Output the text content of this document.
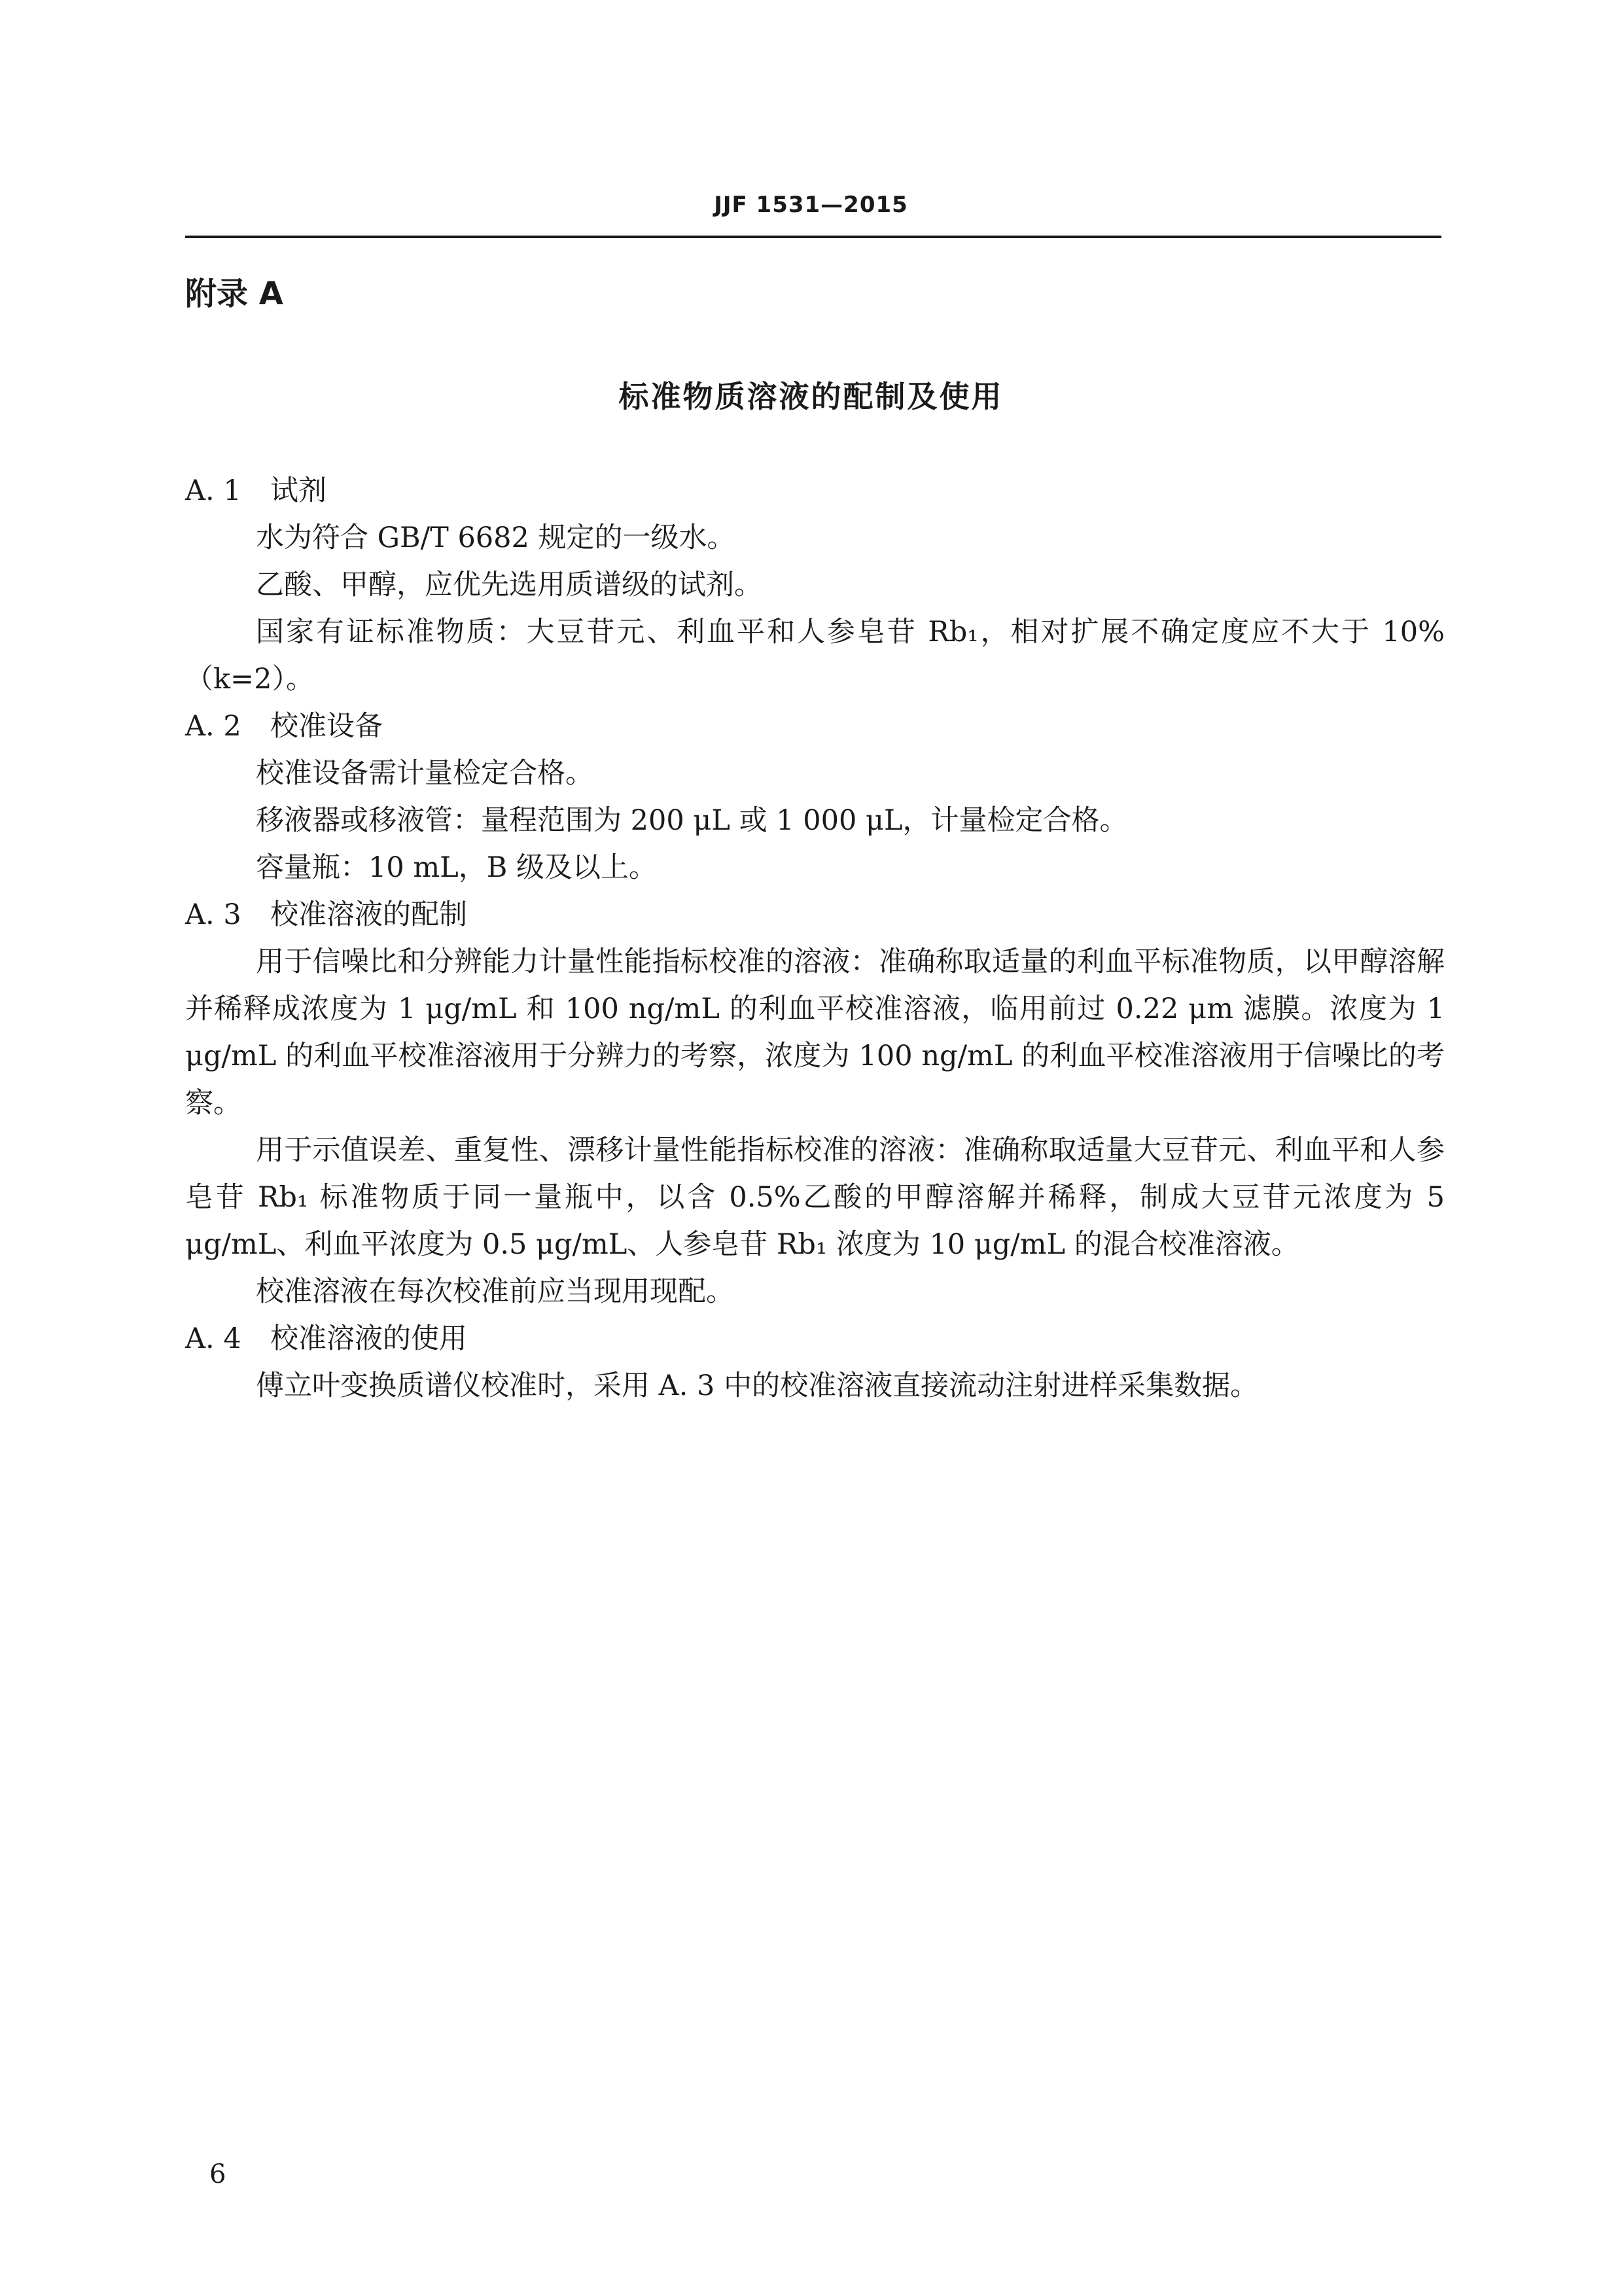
JJF 1531—2015
附录 A
标准物质溶液的配制及使用
A. 1 试剂

水为符合 GB/T 6682 规定的一级水。

乙酸、甲醇，应优先选用质谱级的试剂。

国家有证标准物质：大豆苷元、利血平和人参皂苷 Rb₁，相对扩展不确定度应不大于 10%（k=2）。

A. 2 校准设备

校准设备需计量检定合格。

移液器或移液管：量程范围为 200 μL 或 1 000 μL，计量检定合格。

容量瓶：10 mL，B 级及以上。

A. 3 校准溶液的配制

用于信噪比和分辨能力计量性能指标校准的溶液：准确称取适量的利血平标准物质，以甲醇溶解并稀释成浓度为 1 μg/mL 和 100 ng/mL 的利血平校准溶液，临用前过 0.22 μm 滤膜。浓度为 1 μg/mL 的利血平校准溶液用于分辨力的考察，浓度为 100 ng/mL 的利血平校准溶液用于信噪比的考察。

用于示值误差、重复性、漂移计量性能指标校准的溶液：准确称取适量大豆苷元、利血平和人参皂苷 Rb₁ 标准物质于同一量瓶中，以含 0.5%乙酸的甲醇溶解并稀释，制成大豆苷元浓度为 5 μg/mL、利血平浓度为 0.5 μg/mL、人参皂苷 Rb₁ 浓度为 10 μg/mL 的混合校准溶液。

校准溶液在每次校准前应当现用现配。

A. 4 校准溶液的使用

傅立叶变换质谱仪校准时，采用 A. 3 中的校准溶液直接流动注射进样采集数据。

6
